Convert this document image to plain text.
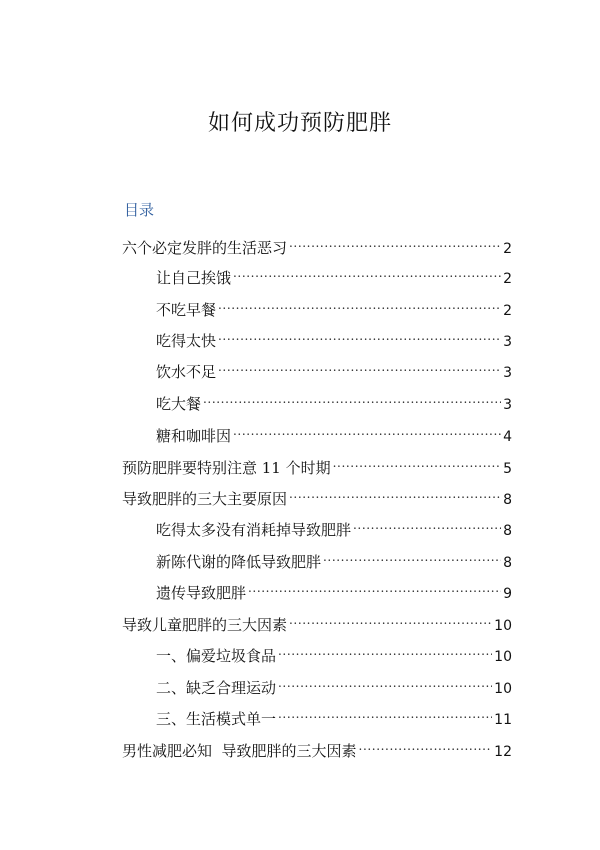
如何成功预防肥胖
目录
六个必定发胖的生活恶习 .....	2
让自己挨饿 .....	2
不吃早餐 .....	2
吃得太快 .....	3
饮水不足 .....	3
吃大餐 .....	3
糖和咖啡因 .....	4
预防肥胖要特别注意 11 个时期 .....	5
导致肥胖的三大主要原因 .....	8
吃得太多没有消耗掉导致肥胖 .....	8
新陈代谢的降低导致肥胖 .....	8
遗传导致肥胖 .....	9
导致儿童肥胖的三大因素 .....	10
一、偏爱垃圾食品 .....	10
二、缺乏合理运动 .....	10
三、生活模式单一 .....	11
男性减肥必知  导致肥胖的三大因素 .....	12
